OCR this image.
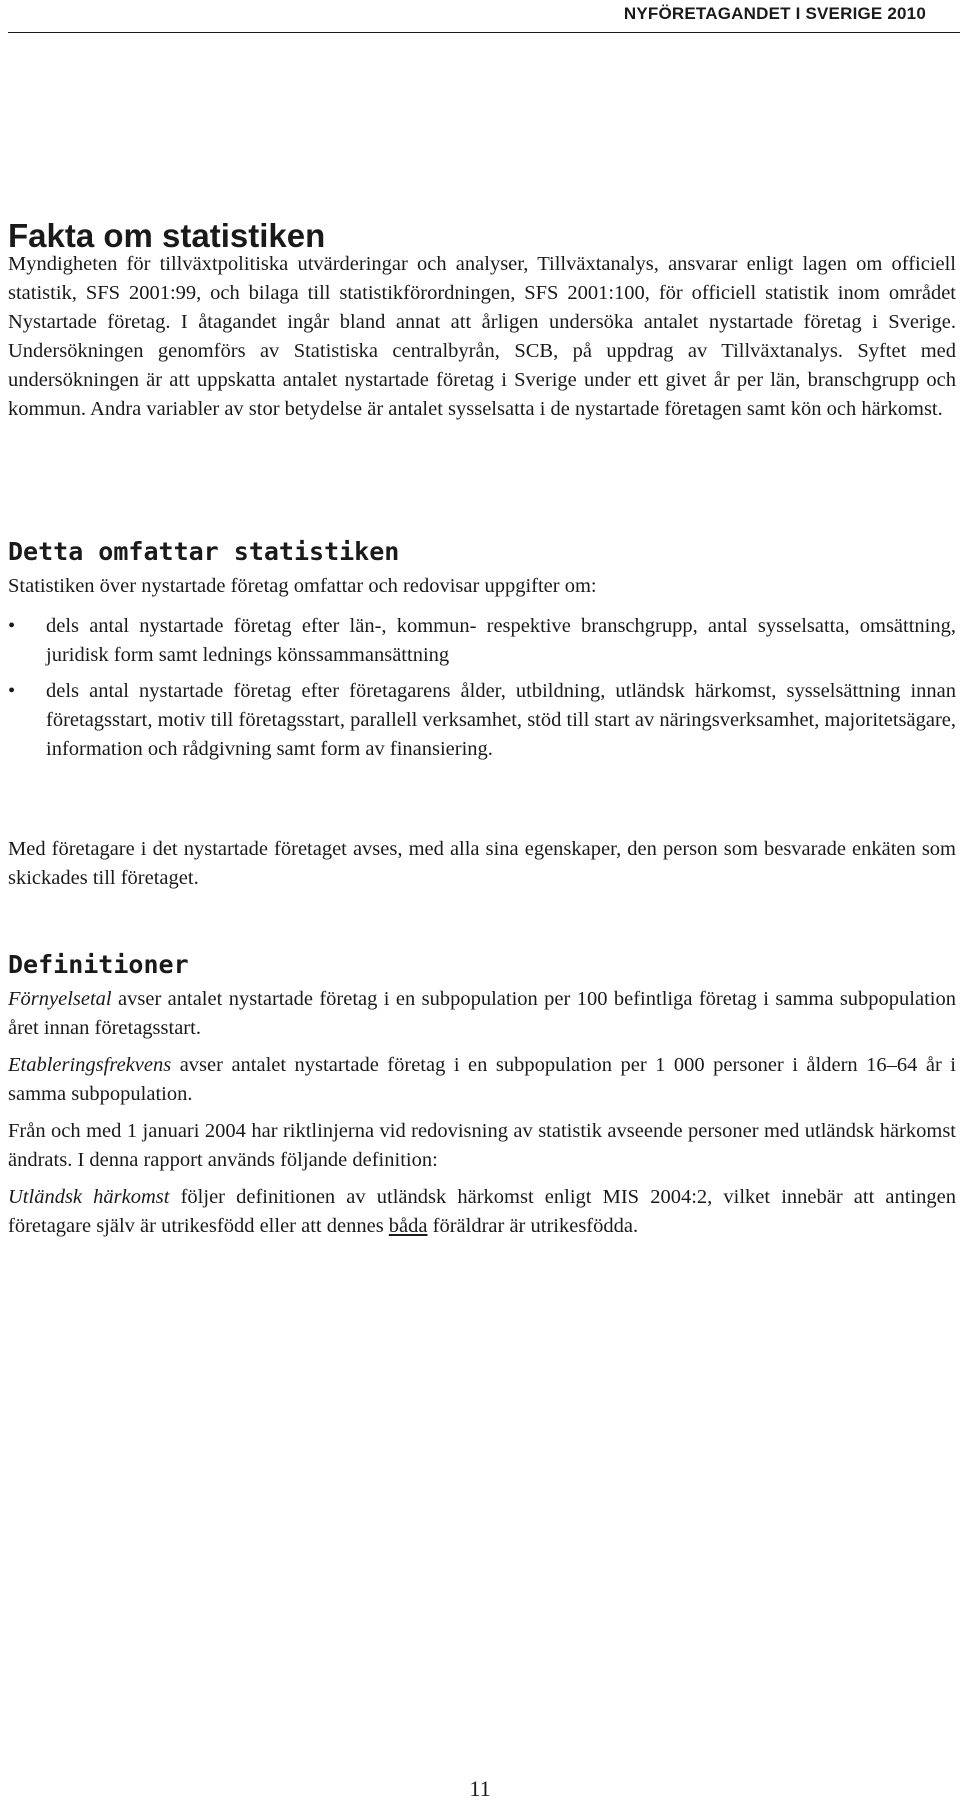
NYFÖRETAGANDET I SVERIGE 2010
Fakta om statistiken

Myndigheten för tillväxtpolitiska utvärderingar och analyser, Tillväxtanalys, ansvarar enligt lagen om officiell statistik, SFS 2001:99, och bilaga till statistikförordningen, SFS 2001:100, för officiell statistik inom området Nystartade företag. I åtagandet ingår bland annat att årligen undersöka antalet nystartade företag i Sverige. Undersökningen genomförs av Statistiska centralbyrån, SCB, på uppdrag av Tillväxtanalys. Syftet med undersökningen är att uppskatta antalet nystartade företag i Sverige under ett givet år per län, branschgrupp och kommun. Andra variabler av stor betydelse är antalet sysselsatta i de nystartade företagen samt kön och härkomst.

Detta omfattar statistiken

Statistiken över nystartade företag omfattar och redovisar uppgifter om:

• dels antal nystartade företag efter län-, kommun- respektive branschgrupp, antal sysselsatta, omsättning, juridisk form samt lednings könssammansättning
• dels antal nystartade företag efter företagarens ålder, utbildning, utländsk härkomst, sysselsättning innan företagsstart, motiv till företagsstart, parallell verksamhet, stöd till start av näringsverksamhet, majoritetsägare, information och rådgivning samt form av finansiering.

Med företagare i det nystartade företaget avses, med alla sina egenskaper, den person som besvarade enkäten som skickades till företaget.

Definitioner

Förnyelsetal avser antalet nystartade företag i en subpopulation per 100 befintliga företag i samma subpopulation året innan företagsstart.

Etableringsfrekvens avser antalet nystartade företag i en subpopulation per 1 000 personer i åldern 16–64 år i samma subpopulation.

Från och med 1 januari 2004 har riktlinjerna vid redovisning av statistik avseende personer med utländsk härkomst ändrats. I denna rapport används följande definition:

Utländsk härkomst följer definitionen av utländsk härkomst enligt MIS 2004:2, vilket innebär att antingen företagare själv är utrikesfödd eller att dennes båda föräldrar är utrikesfödda.

11
